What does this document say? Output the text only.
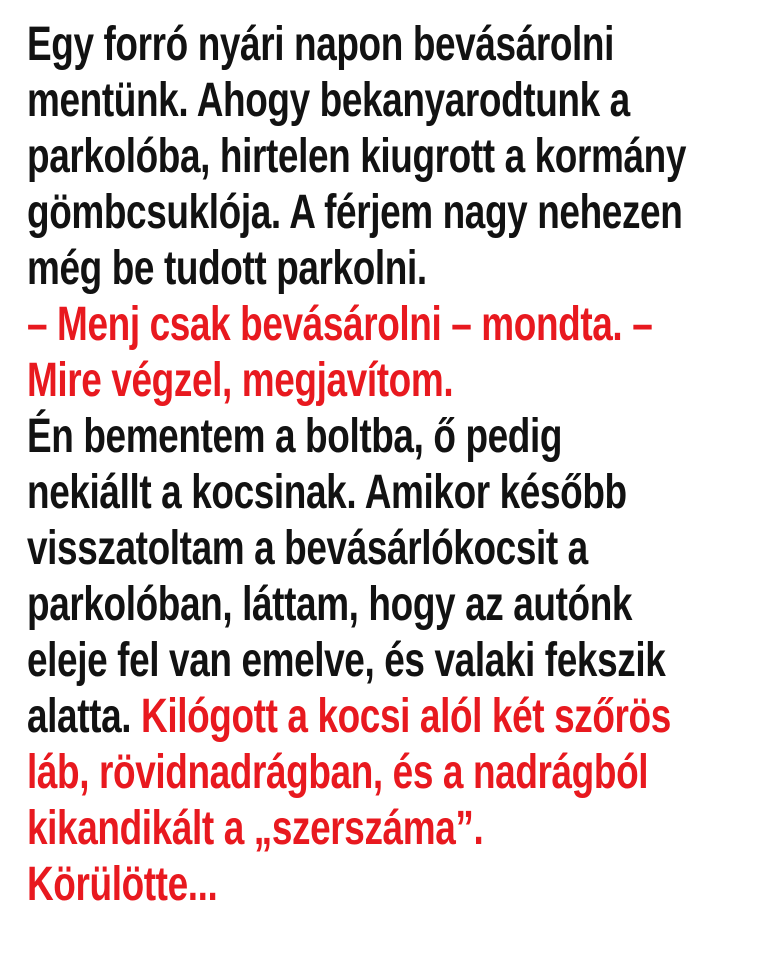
Egy forró nyári napon bevásárolni
mentünk. Ahogy bekanyarodtunk a
parkolóba, hirtelen kiugrott a kormány
gömbcsuklója. A férjem nagy nehezen
még be tudott parkolni.
– Menj csak bevásárolni – mondta. –
Mire végzel, megjavítom.
Én bementem a boltba, ő pedig
nekiállt a kocsinak. Amikor később
visszatoltam a bevásárlókocsit a
parkolóban, láttam, hogy az autónk
eleje fel van emelve, és valaki fekszik
alatta. Kilógott a kocsi alól két szőrös
láb, rövidnadrágban, és a nadrágból
kikandikált a „szerszáma”.
Körülötte...
